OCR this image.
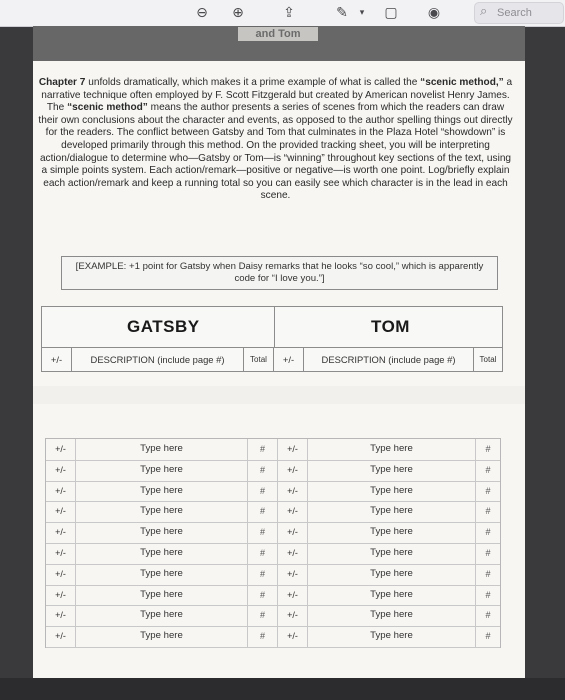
⊖ ⊕	⇪	✎	▾	▢ ◉	⌕
Search
and Tom
Chapter 7 unfolds dramatically, which makes it a prime example of what is called the “scenic method,” a narrative technique often employed by F. Scott Fitzgerald but created by American novelist Henry James. The “scenic method” means the author presents a series of scenes from which the readers can draw their own conclusions about the character and events, as opposed to the author spelling things out directly for the readers. The conflict between Gatsby and Tom that culminates in the Plaza Hotel “showdown” is developed primarily through this method. On the provided tracking sheet, you will be interpreting action/dialogue to determine who—Gatsby or Tom—is “winning” throughout key sections of the text, using a simple points system. Each action/remark—positive or negative—is worth one point. Log/briefly explain each action/remark and keep a running total so you can easily see which character is in the lead in each scene.
[EXAMPLE: +1 point for Gatsby when Daisy remarks that he looks “so cool,” which is apparently code for “I love you.”]
GATSBY	TOM
+/-	DESCRIPTION (include page #)	Total	+/-	DESCRIPTION (include page #)	Total
+/-	Type here	#	+/-	Type here	#
+/-	Type here	#	+/-	Type here	#
+/-	Type here	#	+/-	Type here	#
+/-	Type here	#	+/-	Type here	#
+/-	Type here	#	+/-	Type here	#
+/-	Type here	#	+/-	Type here	#
+/-	Type here	#	+/-	Type here	#
+/-	Type here	#	+/-	Type here	#
+/-	Type here	#	+/-	Type here	#
+/-	Type here	#	+/-	Type here	#
